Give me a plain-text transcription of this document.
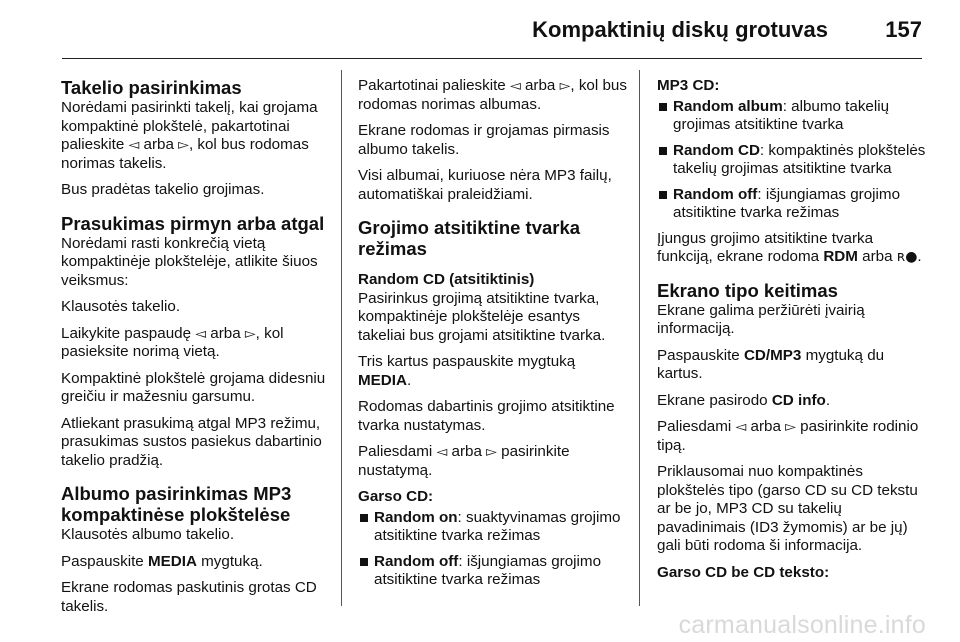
Kompaktinių diskų grotuvas	157
Takelio pasirinkimas

Norėdami pasirinkti takelį, kai grojama kompaktinė plokštelė, pakartotinai palieskite ◅ arba ▻, kol bus rodomas norimas takelis.

Bus pradėtas takelio grojimas.

Prasukimas pirmyn arba atgal

Norėdami rasti konkrečią vietą kompaktinėje plokštelėje, atlikite šiuos veiksmus:

Klausotės takelio.

Laikykite paspaudę ◅ arba ▻, kol pasieksite norimą vietą.

Kompaktinė plokštelė grojama didesniu greičiu ir mažesniu garsumu.

Atliekant prasukimą atgal MP3 režimu, prasukimas sustos pasiekus dabartinio takelio pradžią.

Albumo pasirinkimas MP3 kompaktinėse plokštelėse

Klausotės albumo takelio.

Paspauskite MEDIA mygtuką.

Ekrane rodomas paskutinis grotas CD takelis.

Pakartotinai palieskite ◅ arba ▻, kol bus rodomas norimas albumas.

Ekrane rodomas ir grojamas pirmasis albumo takelis.

Visi albumai, kuriuose nėra MP3 failų, automatiškai praleidžiami.

Grojimo atsitiktine tvarka režimas
Random CD (atsitiktinis)

Pasirinkus grojimą atsitiktine tvarka, kompaktinėje plokštelėje esantys takeliai bus grojami atsitiktine tvarka.

Tris kartus paspauskite mygtuką MEDIA.

Rodomas dabartinis grojimo atsitiktine tvarka nustatymas.

Paliesdami ◅ arba ▻ pasirinkite nustatymą.

Garso CD:
Random on: suaktyvinamas grojimo atsitiktine tvarka režimas
Random off: išjungiamas grojimo atsitiktine tvarka režimas
MP3 CD:
Random album: albumo takelių grojimas atsitiktine tvarka
Random CD: kompaktinės plokštelės takelių grojimas atsitiktine tvarka
Random off: išjungiamas grojimo atsitiktine tvarka režimas

Įjungus grojimo atsitiktine tvarka funkciją, ekrane rodoma RDM arba ʀ●.

Ekrano tipo keitimas

Ekrane galima peržiūrėti įvairią informaciją.

Paspauskite CD/MP3 mygtuką du kartus.

Ekrane pasirodo CD info.

Paliesdami ◅ arba ▻ pasirinkite rodinio tipą.

Priklausomai nuo kompaktinės plokštelės tipo (garso CD su CD tekstu ar be jo, MP3 CD su takelių pavadinimais (ID3 žymomis) ar be jų) gali būti rodoma ši informacija.

Garso CD be CD teksto:
carmanualsonline.info
